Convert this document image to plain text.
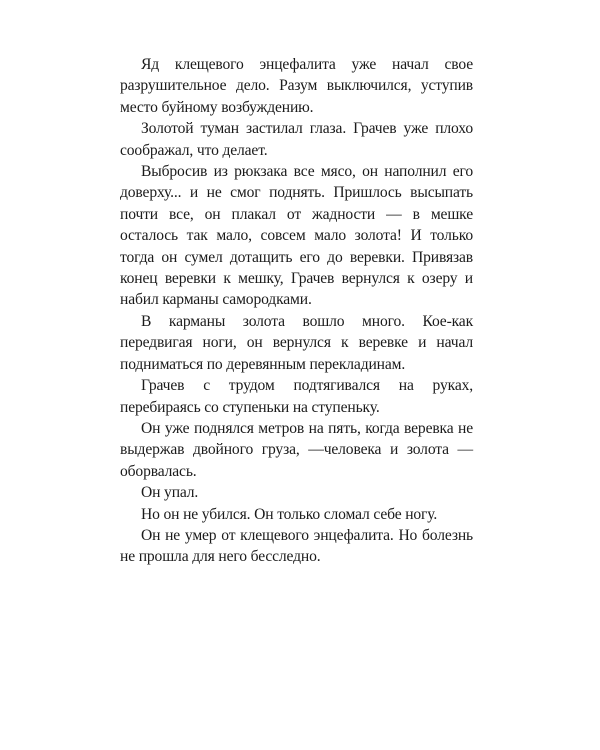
Яд клещевого энцефалита уже начал свое разрушительное дело. Разум выключился, уступив место буйному возбуждению.

Золотой туман застилал глаза. Грачев уже плохо соображал, что делает.

Выбросив из рюкзака все мясо, он наполнил его доверху... и не смог поднять. Пришлось высыпать почти все, он плакал от жадности — в мешке осталось так мало, совсем мало золота! И только тогда он сумел дотащить его до веревки. Привязав конец веревки к мешку, Грачев вернулся к озеру и набил карманы самородками.

В карманы золота вошло много. Кое-как передвигая ноги, он вернулся к веревке и начал подниматься по деревянным перекладинам.

Грачев с трудом подтягивался на руках, перебираясь со ступеньки на ступеньку.

Он уже поднялся метров на пять, когда веревка не выдержав двойного груза, —человека и золота — оборвалась.

Он упал.

Но он не убился. Он только сломал себе ногу.

Он не умер от клещевого энцефалита. Но болезнь не прошла для него бесследно.
